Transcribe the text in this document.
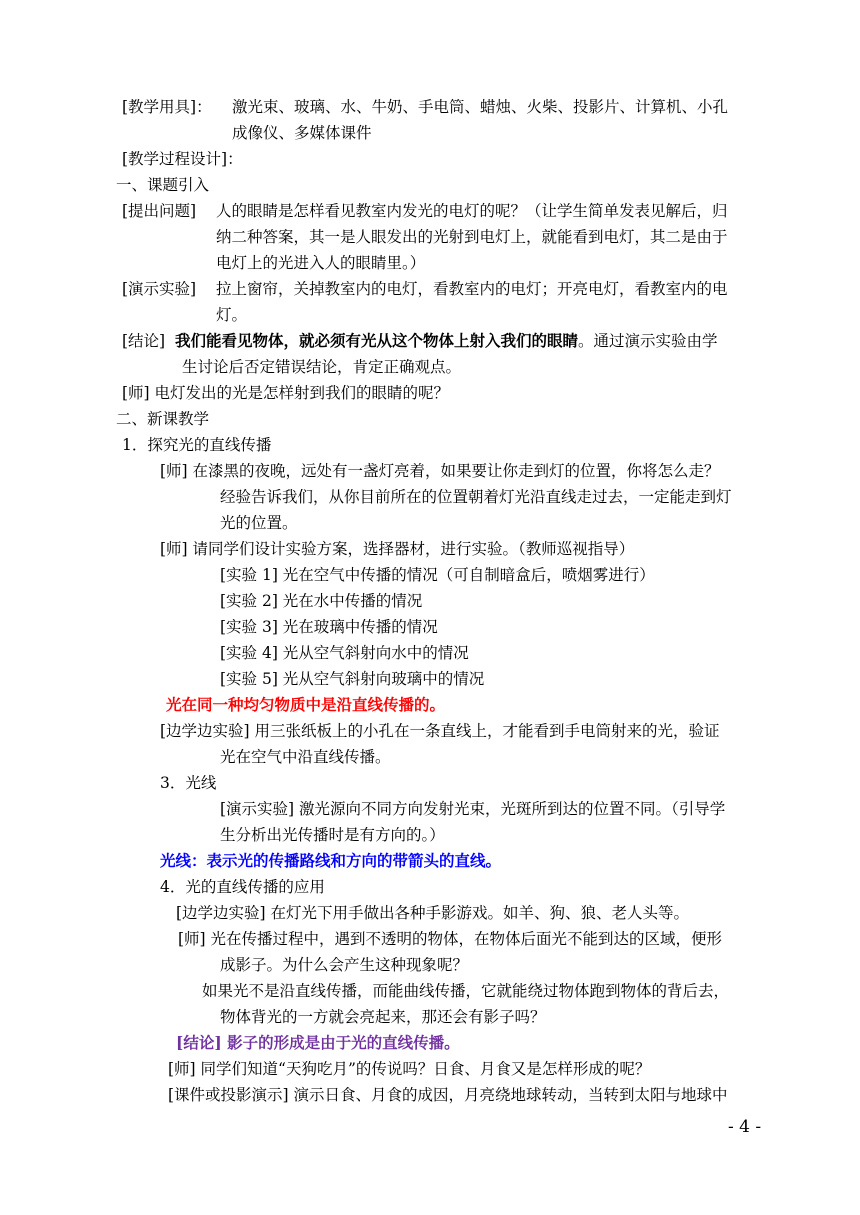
[教学用具]： 激光束、玻璃、水、牛奶、手电筒、蜡烛、火柴、投影片、计算机、小孔
成像仪、多媒体课件
[教学过程设计]：
一、课题引入
[提出问题] 人的眼睛是怎样看见教室内发光的电灯的呢？（让学生简单发表见解后，归
纳二种答案，其一是人眼发出的光射到电灯上，就能看到电灯，其二是由于
电灯上的光进入人的眼睛里。）
[演示实验] 拉上窗帘，关掉教室内的电灯，看教室内的电灯；开亮电灯，看教室内的电
灯。
[结论] 我们能看见物体，就必须有光从这个物体上射入我们的眼睛。通过演示实验由学
生讨论后否定错误结论，肯定正确观点。
[师] 电灯发出的光是怎样射到我们的眼睛的呢？
二、新课教学
1．探究光的直线传播
[师] 在漆黑的夜晚，远处有一盏灯亮着，如果要让你走到灯的位置，你将怎么走？
经验告诉我们，从你目前所在的位置朝着灯光沿直线走过去，一定能走到灯
光的位置。
[师] 请同学们设计实验方案，选择器材，进行实验。（教师巡视指导）
[实验 1] 光在空气中传播的情况（可自制暗盒后，喷烟雾进行）
[实验 2] 光在水中传播的情况
[实验 3] 光在玻璃中传播的情况
[实验 4] 光从空气斜射向水中的情况
[实验 5] 光从空气斜射向玻璃中的情况
光在同一种均匀物质中是沿直线传播的。
[边学边实验] 用三张纸板上的小孔在一条直线上，才能看到手电筒射来的光，验证
光在空气中沿直线传播。
3．光线
[演示实验] 激光源向不同方向发射光束，光斑所到达的位置不同。（引导学
生分析出光传播时是有方向的。）
光线：表示光的传播路线和方向的带箭头的直线。
4．光的直线传播的应用
[边学边实验] 在灯光下用手做出各种手影游戏。如羊、狗、狼、老人头等。
[师] 光在传播过程中，遇到不透明的物体，在物体后面光不能到达的区域，便形
成影子。为什么会产生这种现象呢？
如果光不是沿直线传播，而能曲线传播，它就能绕过物体跑到物体的背后去，
物体背光的一方就会亮起来，那还会有影子吗？
[结论] 影子的形成是由于光的直线传播。
[师] 同学们知道“天狗吃月”的传说吗？日食、月食又是怎样形成的呢？
[课件或投影演示] 演示日食、月食的成因，月亮绕地球转动，当转到太阳与地球中
- 4 -
